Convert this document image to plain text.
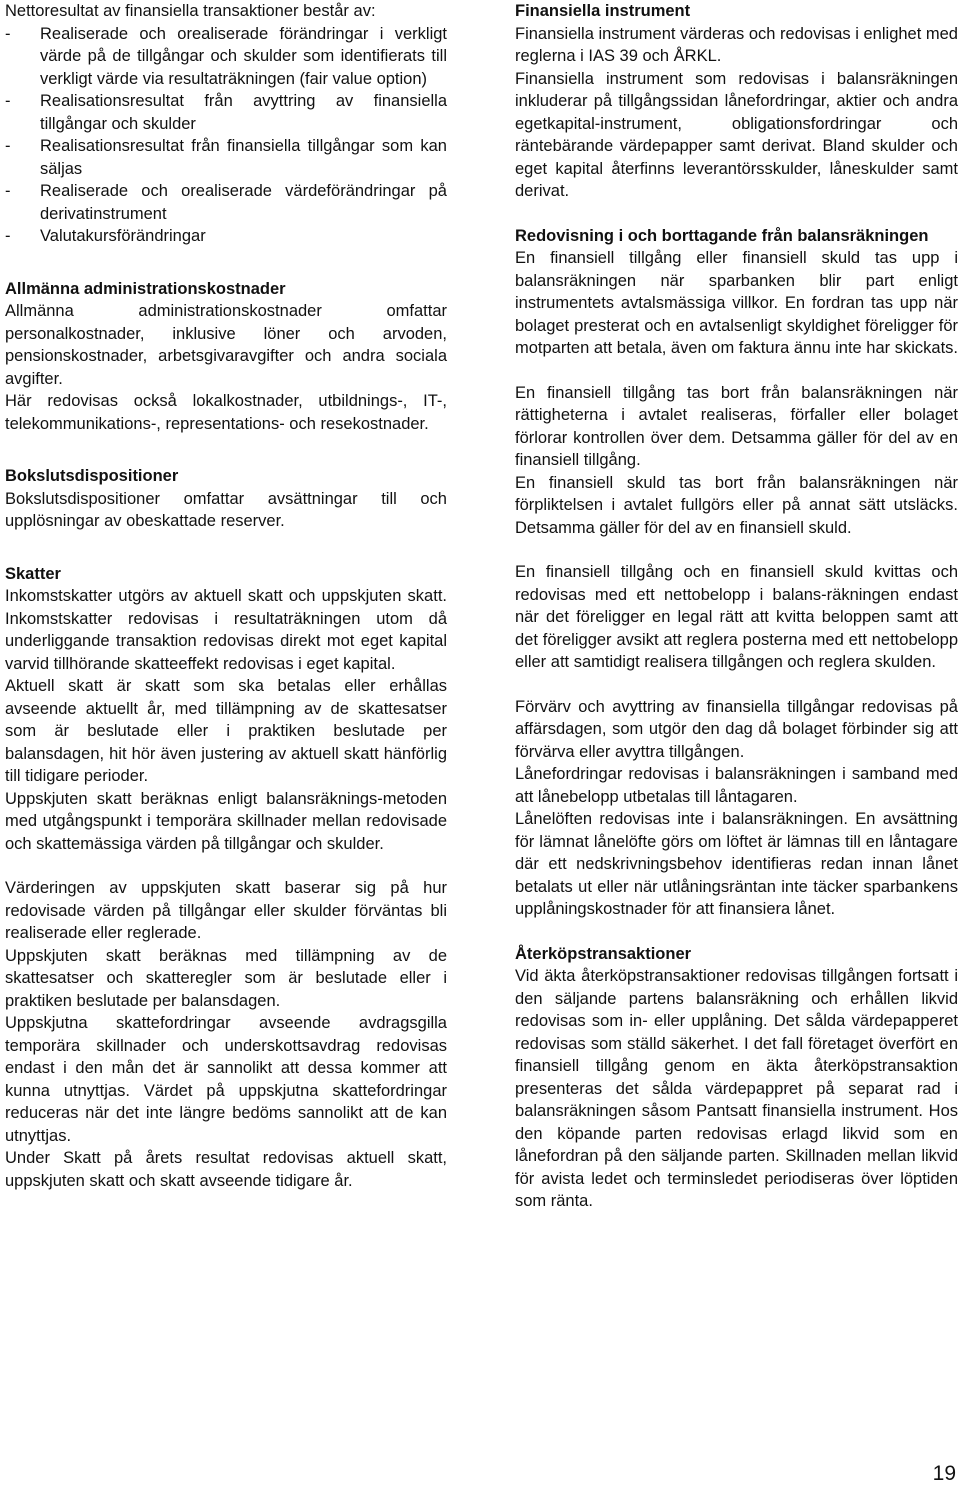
Nettoresultat av finansiella transaktioner består av:

- Realiserade och orealiserade förändringar i verkligt värde på de tillgångar och skulder som identifierats till verkligt värde via resultaträkningen (fair value option)
- Realisationsresultat från avyttring av finansiella tillgångar och skulder
- Realisationsresultat från finansiella tillgångar som kan säljas
- Realiserade och orealiserade värdeförändringar på derivatinstrument
- Valutakursförändringar

Allmänna administrationskostnader

Allmänna administrationskostnader omfattar personalkostnader, inklusive löner och arvoden, pensionskostnader, arbetsgivaravgifter och andra sociala avgifter.

Här redovisas också lokalkostnader, utbildnings-, IT-, telekommunikations-, representations- och resekostnader.

Bokslutsdispositioner

Bokslutsdispositioner omfattar avsättningar till och upplösningar av obeskattade reserver.

Skatter

Inkomstskatter utgörs av aktuell skatt och uppskjuten skatt. Inkomstskatter redovisas i resultaträkningen utom då underliggande transaktion redovisas direkt mot eget kapital varvid tillhörande skatteeffekt redovisas i eget kapital.

Aktuell skatt är skatt som ska betalas eller erhållas avseende aktuellt år, med tillämpning av de skattesatser som är beslutade eller i praktiken beslutade per balansdagen, hit hör även justering av aktuell skatt hänförlig till tidigare perioder.

Uppskjuten skatt beräknas enligt balansräknings-metoden med utgångspunkt i temporära skillnader mellan redovisade och skattemässiga värden på tillgångar och skulder.

Värderingen av uppskjuten skatt baserar sig på hur redovisade värden på tillgångar eller skulder förväntas bli realiserade eller reglerade.

Uppskjuten skatt beräknas med tillämpning av de skattesatser och skatteregler som är beslutade eller i praktiken beslutade per balansdagen.

Uppskjutna skattefordringar avseende avdragsgilla temporära skillnader och underskottsavdrag redovisas endast i den mån det är sannolikt att dessa kommer att kunna utnyttjas. Värdet på uppskjutna skattefordringar reduceras när det inte längre bedöms sannolikt att de kan utnyttjas.

Under Skatt på årets resultat redovisas aktuell skatt, uppskjuten skatt och skatt avseende tidigare år.

Finansiella instrument

Finansiella instrument värderas och redovisas i enlighet med reglerna i IAS 39 och ÅRKL.

Finansiella instrument som redovisas i balansräkningen inkluderar på tillgångssidan lånefordringar, aktier och andra egetkapital-instrument, obligationsfordringar och räntebärande värdepapper samt derivat. Bland skulder och eget kapital återfinns leverantörsskulder, låneskulder samt derivat.

Redovisning i och borttagande från balansräkningen

En finansiell tillgång eller finansiell skuld tas upp i balansräkningen när sparbanken blir part enligt instrumentets avtalsmässiga villkor. En fordran tas upp när bolaget presterat och en avtalsenligt skyldighet föreligger för motparten att betala, även om faktura ännu inte har skickats.

En finansiell tillgång tas bort från balansräkningen när rättigheterna i avtalet realiseras, förfaller eller bolaget förlorar kontrollen över dem. Detsamma gäller för del av en finansiell tillgång.

En finansiell skuld tas bort från balansräkningen när förpliktelsen i avtalet fullgörs eller på annat sätt utsläcks. Detsamma gäller för del av en finansiell skuld.

En finansiell tillgång och en finansiell skuld kvittas och redovisas med ett nettobelopp i balans-räkningen endast när det föreligger en legal rätt att kvitta beloppen samt att det föreligger avsikt att reglera posterna med ett nettobelopp eller att samtidigt realisera tillgången och reglera skulden.

Förvärv och avyttring av finansiella tillgångar redovisas på affärsdagen, som utgör den dag då bolaget förbinder sig att förvärva eller avyttra tillgången.

Lånefordringar redovisas i balansräkningen i samband med att lånebelopp utbetalas till låntagaren.

Lånelöften redovisas inte i balansräkningen. En avsättning för lämnat lånelöfte görs om löftet är lämnas till en låntagare där ett nedskrivningsbehov identifieras redan innan lånet betalats ut eller när utlåningsräntan inte täcker sparbankens upplåningskostnader för att finansiera lånet.

Återköpstransaktioner

Vid äkta återköpstransaktioner redovisas tillgången fortsatt i den säljande partens balansräkning och erhållen likvid redovisas som in- eller upplåning. Det sålda värdepapperet redovisas som ställd säkerhet. I det fall företaget överfört en finansiell tillgång genom en äkta återköpstransaktion presenteras det sålda värdepappret på separat rad i balansräkningen såsom Pantsatt finansiella instrument. Hos den köpande parten redovisas erlagd likvid som en lånefordran på den säljande parten. Skillnaden mellan likvid för avista ledet och terminsledet periodiseras över löptiden som ränta.

19
